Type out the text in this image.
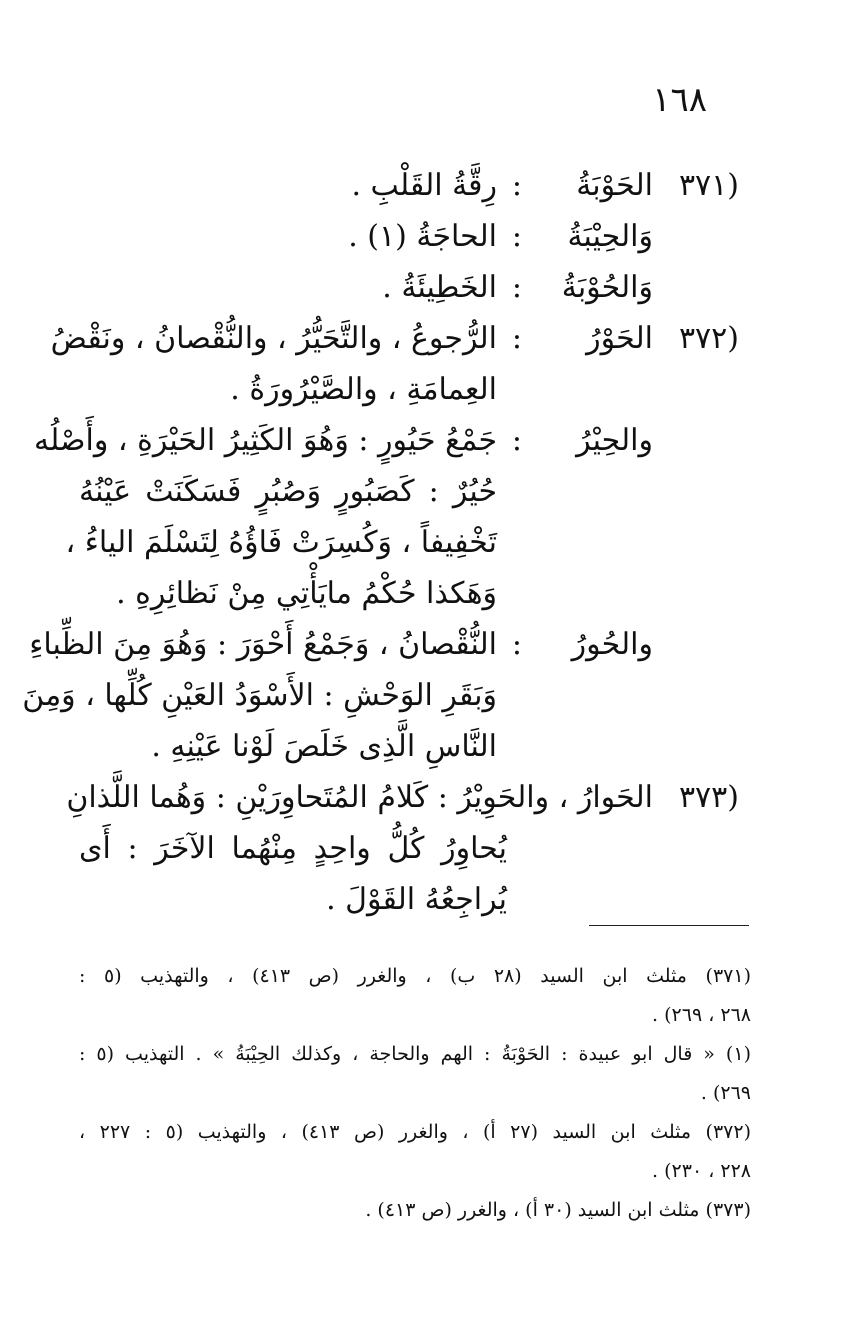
١٦٨
(٣٧١
الحَوْبَةُ
:
رِقَّةُ القَلْبِ .
وَالحِيْبَةُ
:
الحاجَةُ (١) .
وَالحُوْبَةُ
:
الخَطِيئَةُ .
(٣٧٢
الحَوْرُ
:
الرُّجوعُ ، والتَّحَيُّرُ ، والنُّقْصانُ ، ونَقْضُ
العِمامَةِ ، والصَّيْرُورَةُ .
والحِيْرُ
:
جَمْعُ حَيُورٍ : وَهُوَ الكَثِيرُ الحَيْرَةِ ، وأَصْلُه
حُيُرٌ : كَصَبُورٍ وَصُبُرٍ فَسَكَنَتْ عَيْنُهُ
تَخْفِيفاً ، وَكُسِرَتْ فَاؤُهُ لِتَسْلَمَ الياءُ ،
وَهَكذا حُكْمُ مايَأْتِي مِنْ نَظائِرِهِ .
والحُورُ
:
النُّقْصانُ ، وَجَمْعُ أَحْوَرَ : وَهُوَ مِنَ الظِّباءِ
وَبَقَرِ الوَحْشِ : الأَسْوَدُ العَيْنِ كُلِّها ، وَمِنَ
النَّاسِ الَّذِى خَلَصَ لَوْنا عَيْنِهِ .
(٣٧٣
الحَوارُ ، والحَوِيْرُ : كَلامُ المُتَحاوِرَيْنِ : وَهُما اللَّذانِ
يُحاوِرُ كُلُّ واحِدٍ مِنْهُما الآخَرَ : أَى
يُراجِعُهُ القَوْلَ .
(٣٧١) مثلث ابن السيد (٢٨ ب) ، والغرر (ص ٤١٣) ، والتهذيب (٥ :
٢٦٨ ، ٢٦٩) .
(١) « قال ابو عبيدة : الحَوْبَةُ : الهم والحاجة ، وكذلك الحِيْبَةُ » . التهذيب (٥ :
٢٦٩) .
(٣٧٢) مثلث ابن السيد (٢٧ أ) ، والغرر (ص ٤١٣) ، والتهذيب (٥ : ٢٢٧ ،
٢٢٨ ، ٢٣٠) .
(٣٧٣) مثلث ابن السيد (٣٠ أ) ، والغرر (ص ٤١٣) .
